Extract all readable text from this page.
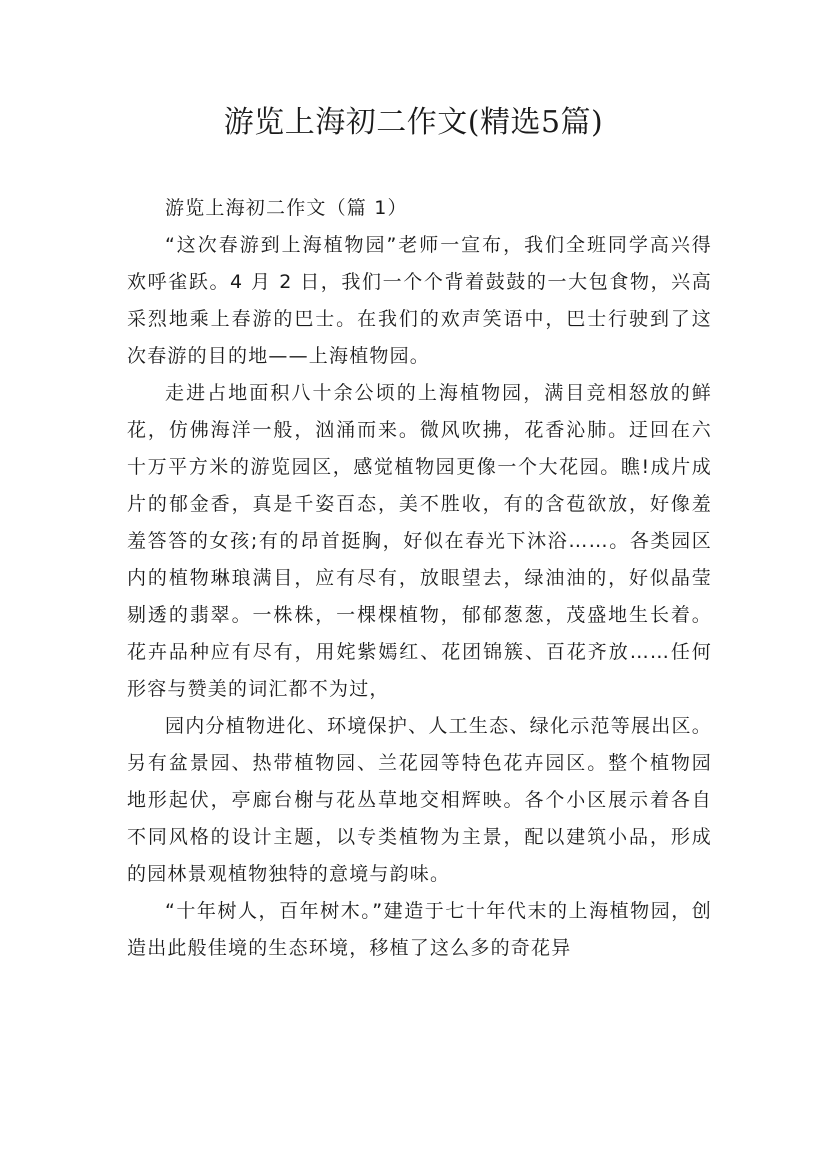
游览上海初二作文(精选5篇)

游览上海初二作文（篇 1）

“这次春游到上海植物园”老师一宣布，我们全班同学高兴得欢呼雀跃。4 月 2 日，我们一个个背着鼓鼓的一大包食物，兴高采烈地乘上春游的巴士。在我们的欢声笑语中，巴士行驶到了这次春游的目的地——上海植物园。

走进占地面积八十余公顷的上海植物园，满目竞相怒放的鲜花，仿佛海洋一般，汹涌而来。微风吹拂，花香沁肺。迂回在六十万平方米的游览园区，感觉植物园更像一个大花园。瞧!成片成片的郁金香，真是千姿百态，美不胜收，有的含苞欲放，好像羞羞答答的女孩;有的昂首挺胸，好似在春光下沐浴……。各类园区内的植物琳琅满目，应有尽有，放眼望去，绿油油的，好似晶莹剔透的翡翠。一株株，一棵棵植物，郁郁葱葱，茂盛地生长着。花卉品种应有尽有，用姹紫嫣红、花团锦簇、百花齐放……任何形容与赞美的词汇都不为过，

园内分植物进化、环境保护、人工生态、绿化示范等展出区。另有盆景园、热带植物园、兰花园等特色花卉园区。整个植物园地形起伏，亭廊台榭与花丛草地交相辉映。各个小区展示着各自不同风格的设计主题，以专类植物为主景，配以建筑小品，形成的园林景观植物独特的意境与韵味。

“十年树人，百年树木。”建造于七十年代末的上海植物园，创造出此般佳境的生态环境，移植了这么多的奇花异
